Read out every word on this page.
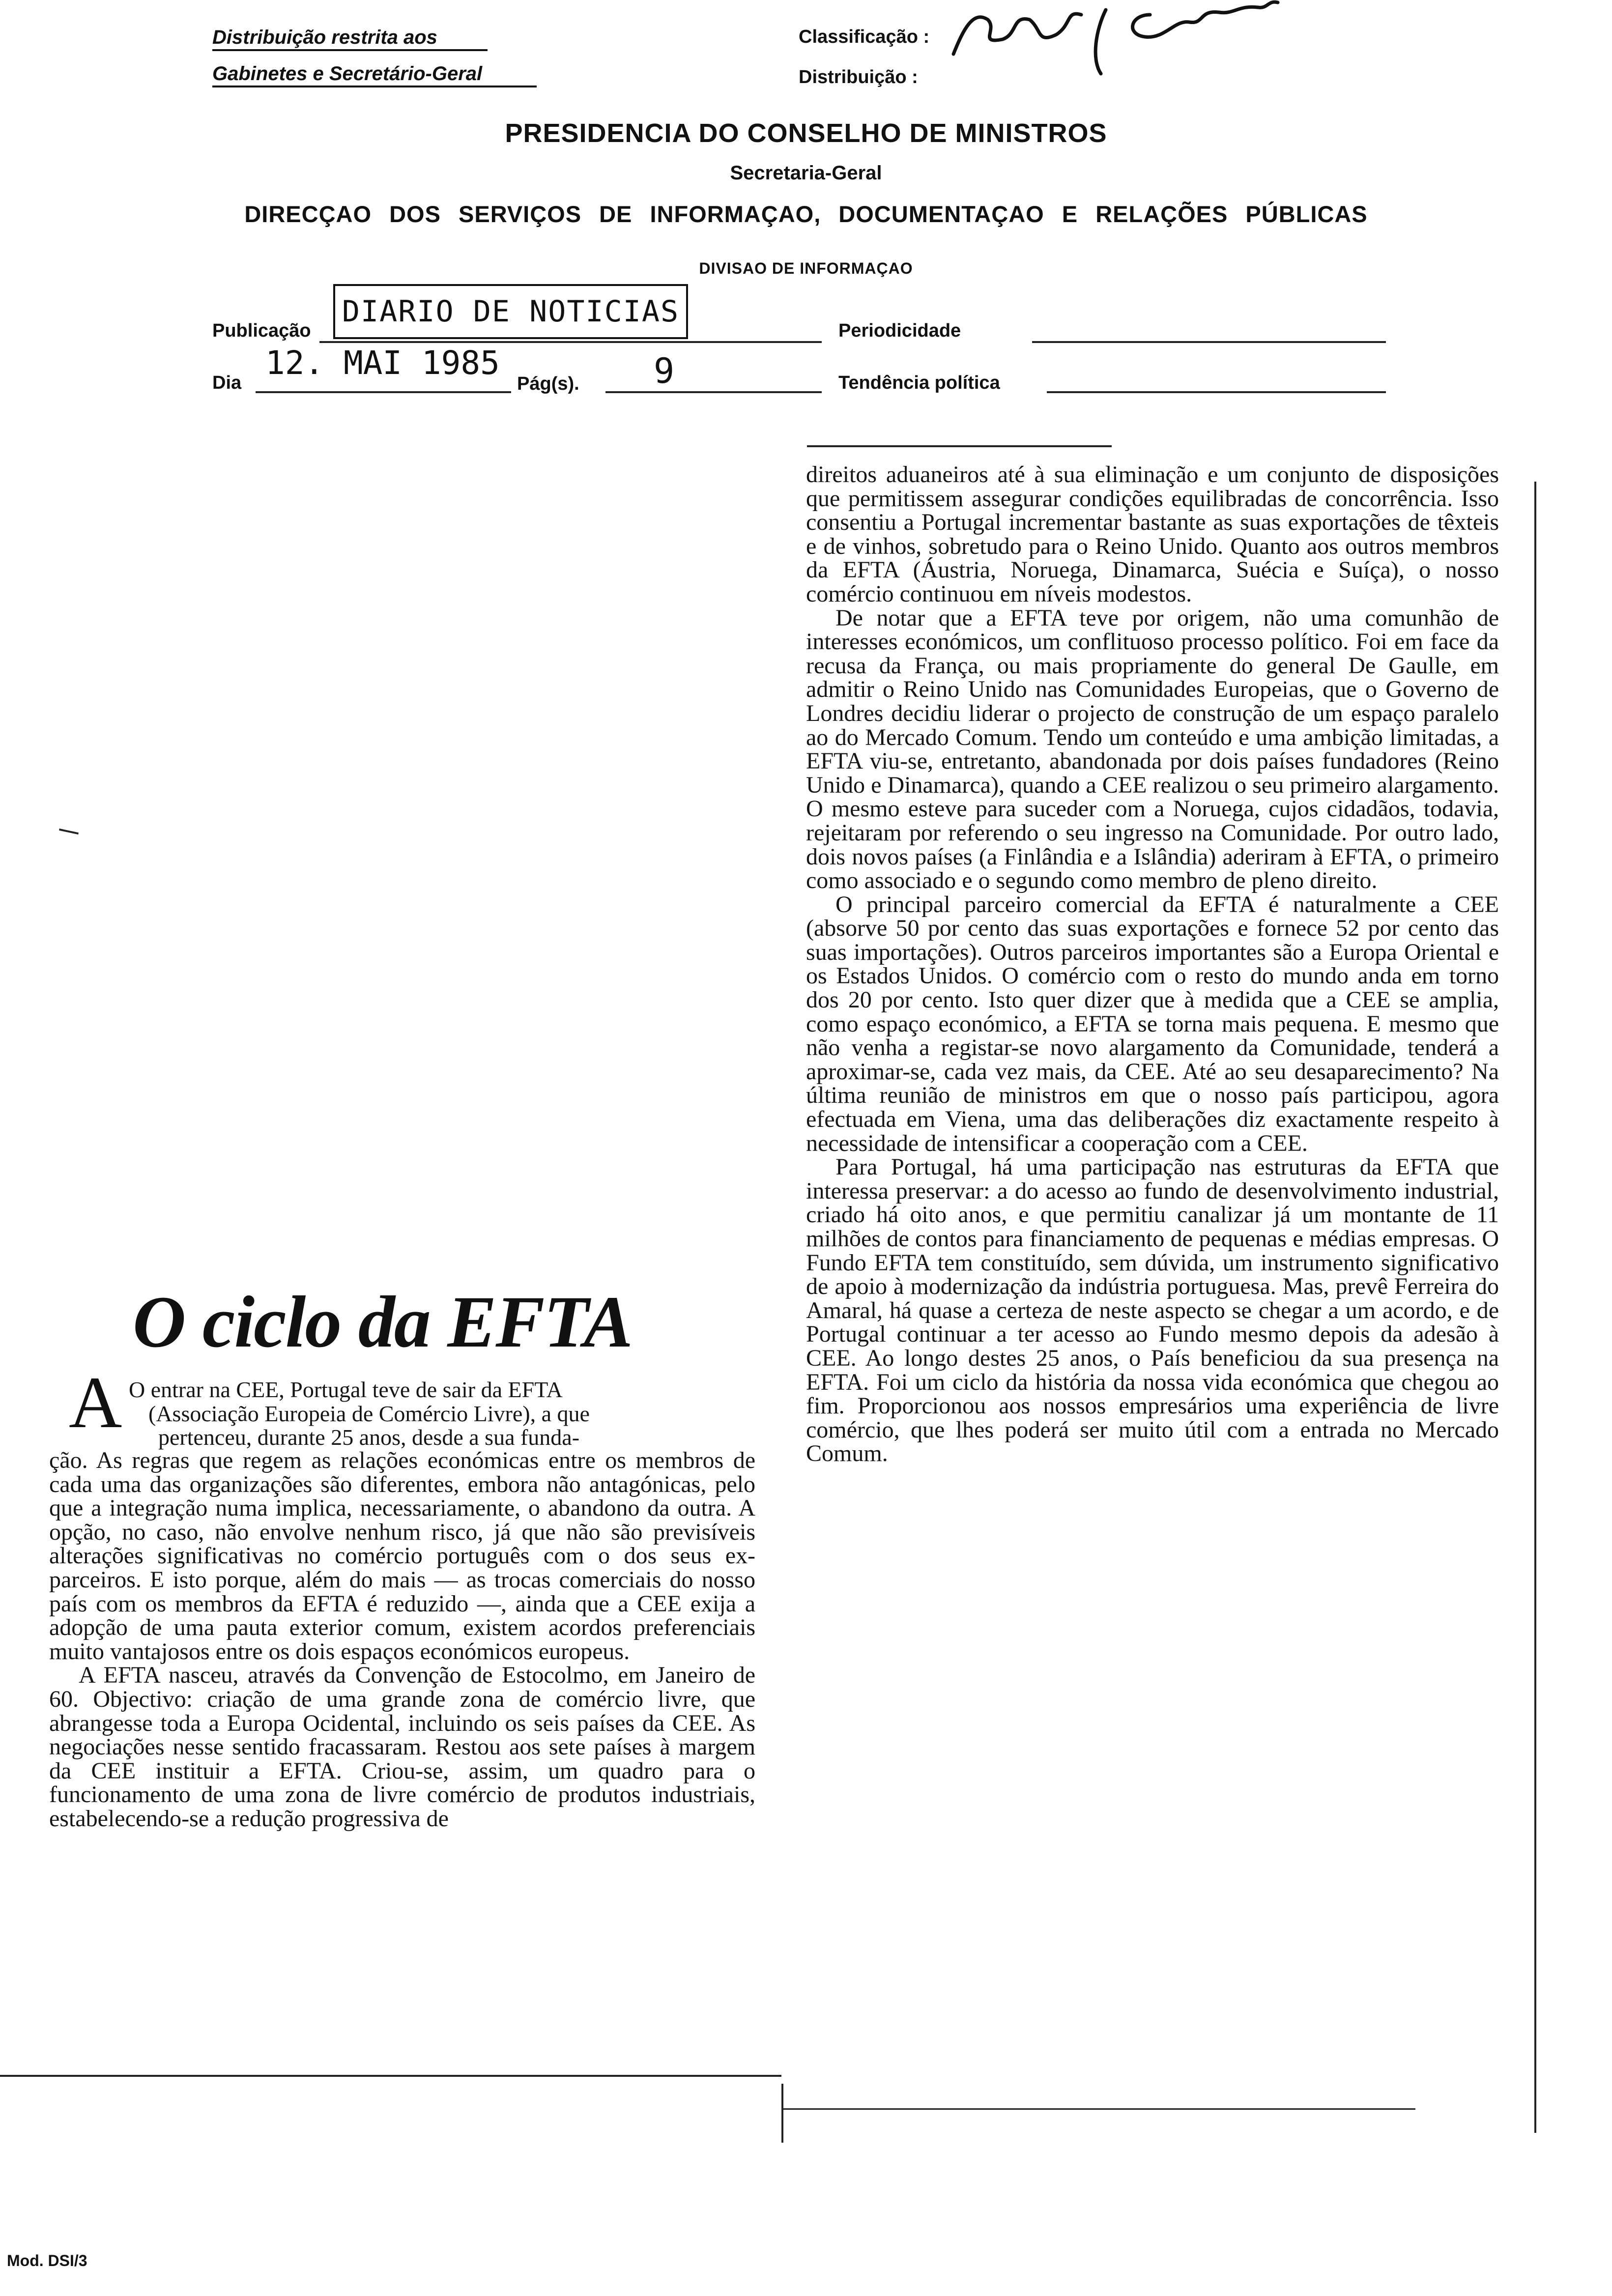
Distribuição restrita aos
Gabinetes e Secretário-Geral
Classificação :
Distribuição :
PRESIDENCIA DO CONSELHO DE MINISTROS
Secretaria-Geral
DIRECÇAO DOS SERVIÇOS DE INFORMAÇAO, DOCUMENTAÇAO E RELAÇÕES PÚBLICAS
DIVISAO DE INFORMAÇAO
Publicação
DIARIO DE NOTICIAS
Periodicidade
Dia
12. MAI 1985
Pág(s). 9	Tendência política
O ciclo da EFTA
A O entrar na CEE, Portugal teve de sair da EFTA
(Associação Europeia de Comércio Livre), a que
pertenceu, durante 25 anos, desde a sua funda-

ção. As regras que regem as relações económicas entre os membros de cada uma das organizações são diferentes, embora não antagónicas, pelo que a integração numa implica, necessariamente, o abandono da outra. A opção, no caso, não envolve nenhum risco, já que não são previsíveis alterações significativas no comércio português com o dos seus ex-parceiros. E isto porque, além do mais — as trocas comerciais do nosso país com os membros da EFTA é reduzido —, ainda que a CEE exija a adopção de uma pauta exterior comum, existem acordos preferenciais muito vantajosos entre os dois espaços económicos europeus.

A EFTA nasceu, através da Convenção de Estocolmo, em Janeiro de 60. Objectivo: criação de uma grande zona de comércio livre, que abrangesse toda a Europa Ocidental, incluindo os seis países da CEE. As negociações nesse sentido fracassaram. Restou aos sete países à margem da CEE instituir a EFTA. Criou-se, assim, um quadro para o funcionamento de uma zona de livre comércio de produtos industriais, estabelecendo-se a redução progressiva de

direitos aduaneiros até à sua eliminação e um conjunto de disposições que permitissem assegurar condições equilibradas de concorrência. Isso consentiu a Portugal incrementar bastante as suas exportações de têxteis e de vinhos, sobretudo para o Reino Unido. Quanto aos outros membros da EFTA (Áustria, Noruega, Dinamarca, Suécia e Suíça), o nosso comércio continuou em níveis modestos.

De notar que a EFTA teve por origem, não uma comunhão de interesses económicos, um conflituoso processo político. Foi em face da recusa da França, ou mais propriamente do general De Gaulle, em admitir o Reino Unido nas Comunidades Europeias, que o Governo de Londres decidiu liderar o projecto de construção de um espaço paralelo ao do Mercado Comum. Tendo um conteúdo e uma ambição limitadas, a EFTA viu-se, entretanto, abandonada por dois países fundadores (Reino Unido e Dinamarca), quando a CEE realizou o seu primeiro alargamento. O mesmo esteve para suceder com a Noruega, cujos cidadãos, todavia, rejeitaram por referendo o seu ingresso na Comunidade. Por outro lado, dois novos países (a Finlândia e a Islândia) aderiram à EFTA, o primeiro como associado e o segundo como membro de pleno direito.

O principal parceiro comercial da EFTA é naturalmente a CEE (absorve 50 por cento das suas exportações e fornece 52 por cento das suas importações). Outros parceiros importantes são a Europa Oriental e os Estados Unidos. O comércio com o resto do mundo anda em torno dos 20 por cento. Isto quer dizer que à medida que a CEE se amplia, como espaço económico, a EFTA se torna mais pequena. E mesmo que não venha a registar-se novo alargamento da Comunidade, tenderá a aproximar-se, cada vez mais, da CEE. Até ao seu desaparecimento? Na última reunião de ministros em que o nosso país participou, agora efectuada em Viena, uma das deliberações diz exactamente respeito à necessidade de intensificar a cooperação com a CEE.

Para Portugal, há uma participação nas estruturas da EFTA que interessa preservar: a do acesso ao fundo de desenvolvimento industrial, criado há oito anos, e que permitiu canalizar já um montante de 11 milhões de contos para financiamento de pequenas e médias empresas. O Fundo EFTA tem constituído, sem dúvida, um instrumento significativo de apoio à modernização da indústria portuguesa. Mas, prevê Ferreira do Amaral, há quase a certeza de neste aspecto se chegar a um acordo, e de Portugal continuar a ter acesso ao Fundo mesmo depois da adesão à CEE. Ao longo destes 25 anos, o País beneficiou da sua presença na EFTA. Foi um ciclo da história da nossa vida económica que chegou ao fim. Proporcionou aos nossos empresários uma experiência de livre comércio, que lhes poderá ser muito útil com a entrada no Mercado Comum.

Mod. DSI/3
